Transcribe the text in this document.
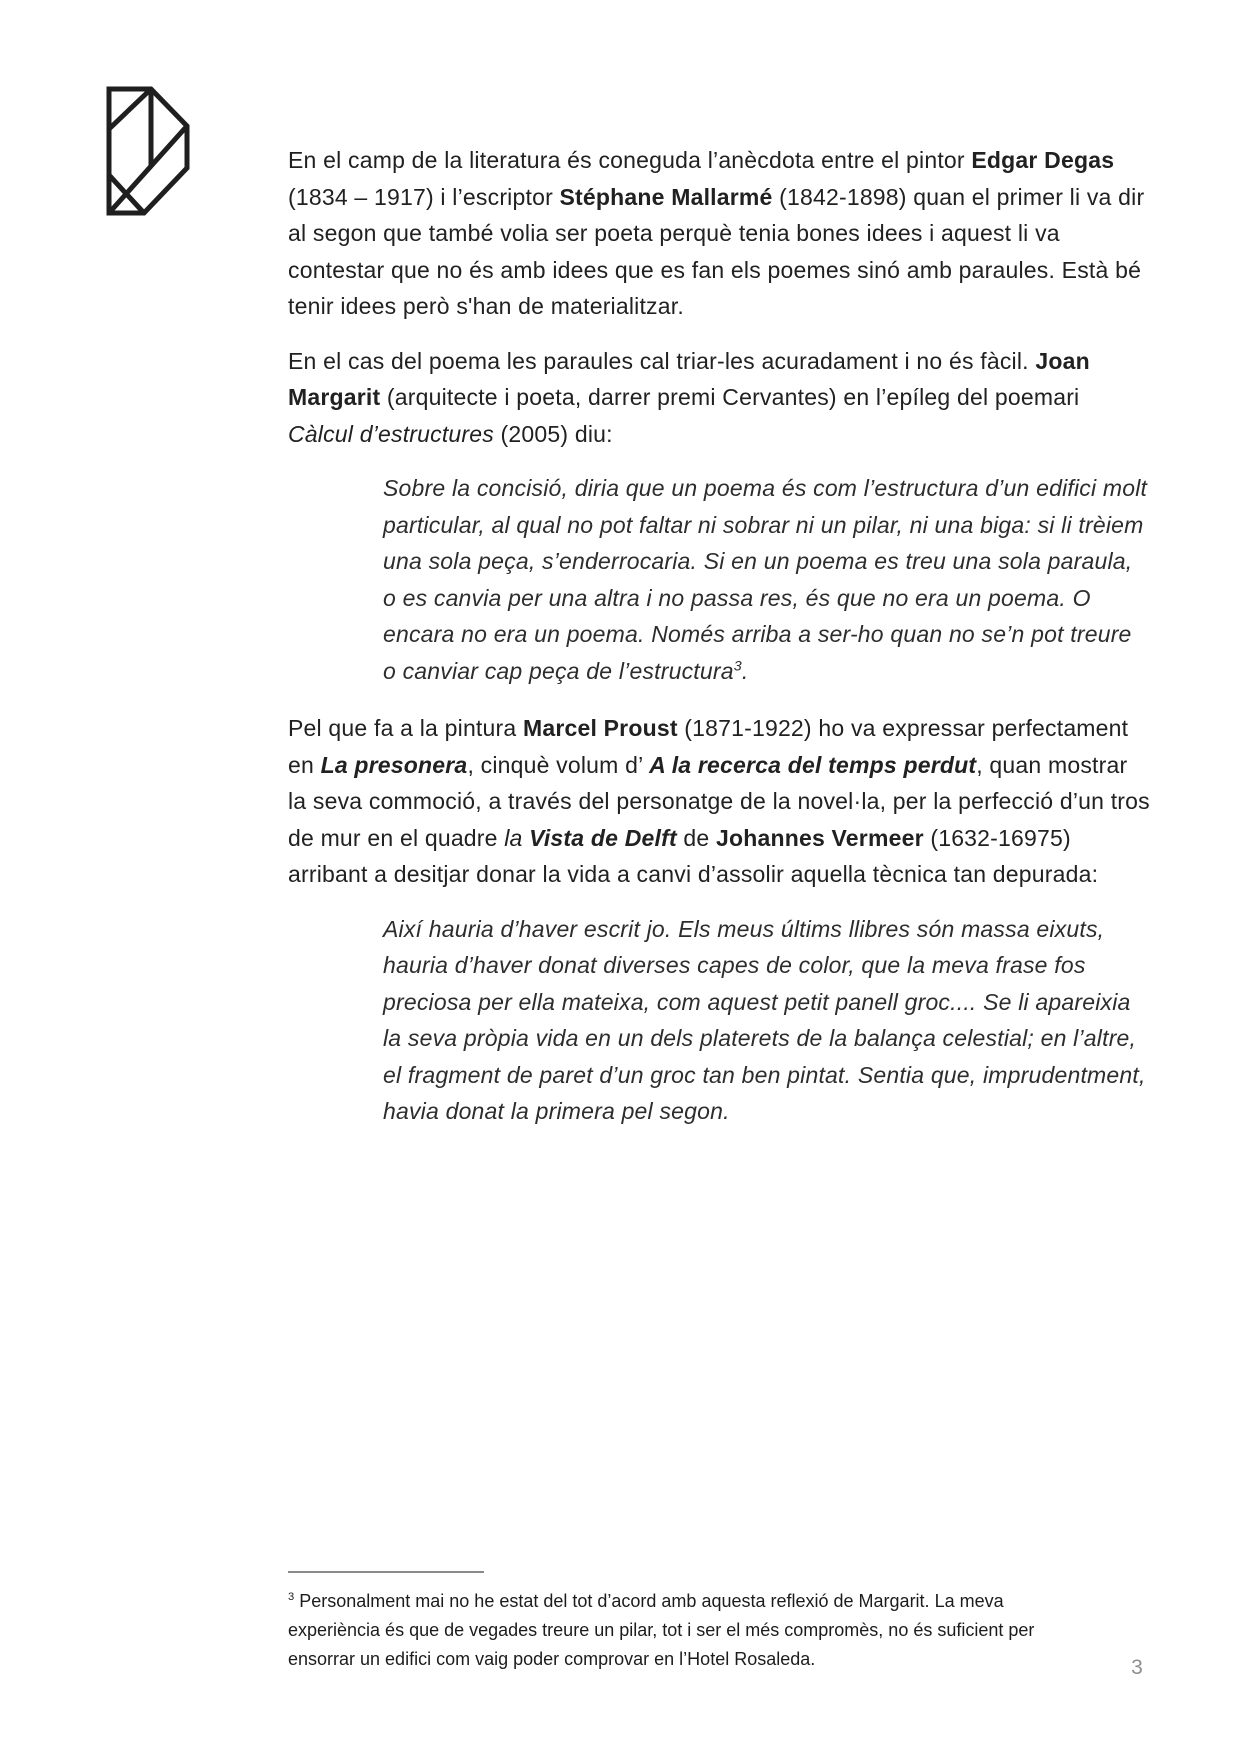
En el camp de la literatura és coneguda l’anècdota entre el pintor Edgar Degas (1834 – 1917) i l’escriptor Stéphane Mallarmé (1842-1898) quan el primer li va dir al segon que també volia ser poeta perquè tenia bones idees i aquest li va contestar que no és amb idees que es fan els poemes sinó amb paraules. Està bé tenir idees però s'han de materialitzar.

En el cas del poema les paraules cal triar-les acuradament i no és fàcil. Joan Margarit (arquitecte i poeta, darrer premi Cervantes) en l’epíleg del poemari Càlcul d’estructures (2005) diu:

Sobre la concisió, diria que un poema és com l’estructura d’un edifici molt particular, al qual no pot faltar ni sobrar ni un pilar, ni una biga: si li trèiem una sola peça, s’enderrocaria. Si en un poema es treu una sola paraula, o es canvia per una altra i no passa res, és que no era un poema. O encara no era un poema. Només arriba a ser-ho quan no se’n pot treure o canviar cap peça de l’estructura$^3$.

Pel que fa a la pintura Marcel Proust (1871-1922) ho va expressar perfectament en La presonera, cinquè volum d’ A la recerca del temps perdut, quan mostrar la seva commoció, a través del personatge de la novel·la, per la perfecció d’un tros de mur en el quadre la Vista de Delft de Johannes Vermeer (1632-16975) arribant a desitjar donar la vida a canvi d’assolir aquella tècnica tan depurada:

Així hauria d’haver escrit jo. Els meus últims llibres són massa eixuts, hauria d’haver donat diverses capes de color, que la meva frase fos preciosa per ella mateixa, com aquest petit panell groc.... Se li apareixia la seva pròpia vida en un dels platerets de la balança celestial; en l’altre, el fragment de paret d’un groc tan ben pintat. Sentia que, imprudentment, havia donat la primera pel segon.

$^3$ Personalment mai no he estat del tot d’acord amb aquesta reflexió de Margarit. La meva experiència és que de vegades treure un pilar, tot i ser el més compromès, no és suficient per ensorrar un edifici com vaig poder comprovar en l’Hotel Rosaleda.	3
